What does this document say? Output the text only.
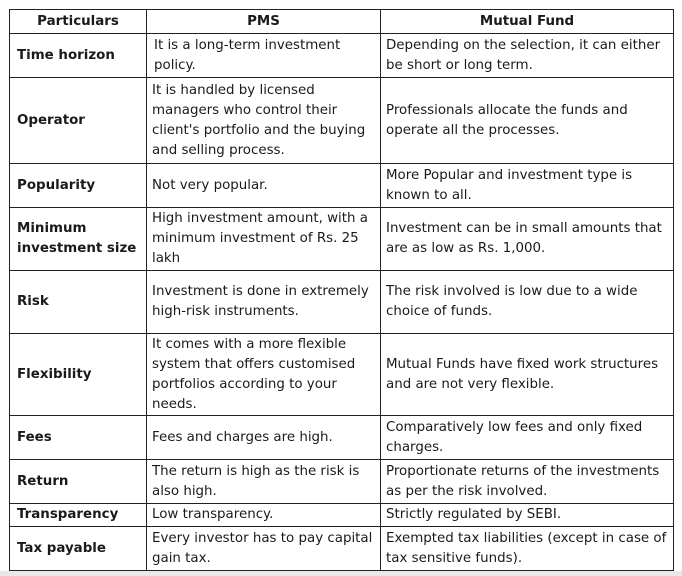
Particulars	PMS	Mutual Fund
Time horizon	It is a long-term investment policy.	Depending on the selection, it can either be short or long term.
Operator	It is handled by licensed managers who control their client's portfolio and the buying and selling process.	Professionals allocate the funds and operate all the processes.
Popularity	Not very popular.	More Popular and investment type is known to all.
Minimum investment size	High investment amount, with a minimum investment of Rs. 25 lakh	Investment can be in small amounts that are as low as Rs. 1,000.
Risk	Investment is done in extremely high-risk instruments.	The risk involved is low due to a wide choice of funds.
Flexibility	It comes with a more flexible system that offers customised portfolios according to your needs.	Mutual Funds have fixed work structures and are not very flexible.
Fees	Fees and charges are high.	Comparatively low fees and only fixed charges.
Return	The return is high as the risk is also high.	Proportionate returns of the investments as per the risk involved.
Transparency	Low transparency.	Strictly regulated by SEBI.
Tax payable	Every investor has to pay capital gain tax.	Exempted tax liabilities (except in case of tax sensitive funds).
